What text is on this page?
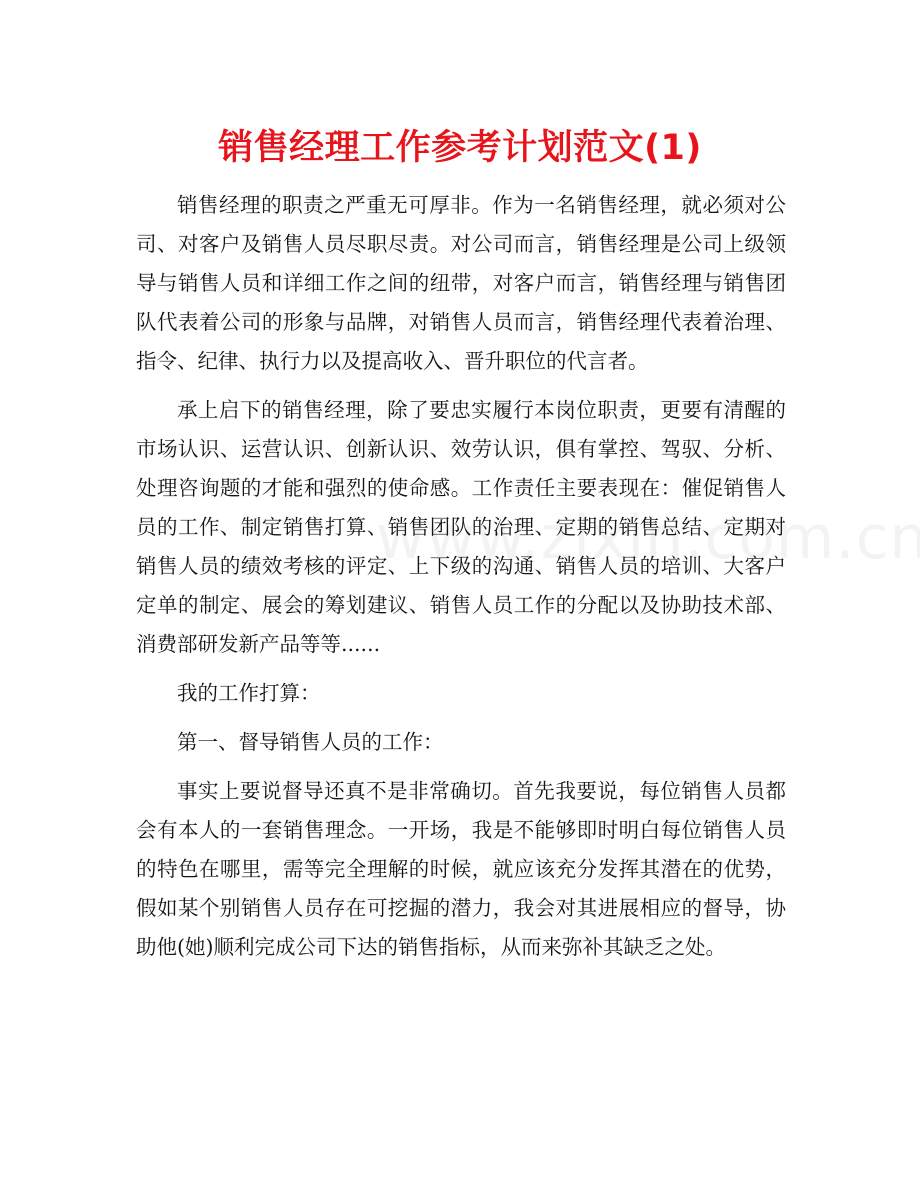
销售经理工作参考计划范文(1)

销售经理的职责之严重无可厚非。作为一名销售经理，就必须对公司、对客户及销售人员尽职尽责。对公司而言，销售经理是公司上级领导与销售人员和详细工作之间的纽带，对客户而言，销售经理与销售团队代表着公司的形象与品牌，对销售人员而言，销售经理代表着治理、指令、纪律、执行力以及提高收入、晋升职位的代言者。

承上启下的销售经理，除了要忠实履行本岗位职责，更要有清醒的市场认识、运营认识、创新认识、效劳认识，俱有掌控、驾驭、分析、处理咨询题的才能和强烈的使命感。工作责任主要表现在：催促销售人员的工作、制定销售打算、销售团队的治理、定期的销售总结、定期对销售人员的绩效考核的评定、上下级的沟通、销售人员的培训、大客户定单的制定、展会的筹划建议、销售人员工作的分配以及协助技术部、消费部研发新产品等等......

我的工作打算：

第一、督导销售人员的工作：

事实上要说督导还真不是非常确切。首先我要说，每位销售人员都会有本人的一套销售理念。一开场，我是不能够即时明白每位销售人员的特色在哪里，需等完全理解的时候，就应该充分发挥其潜在的优势，假如某个别销售人员存在可挖掘的潜力，我会对其进展相应的督导，协助他(她)顺利完成公司下达的销售指标，从而来弥补其缺乏之处。
